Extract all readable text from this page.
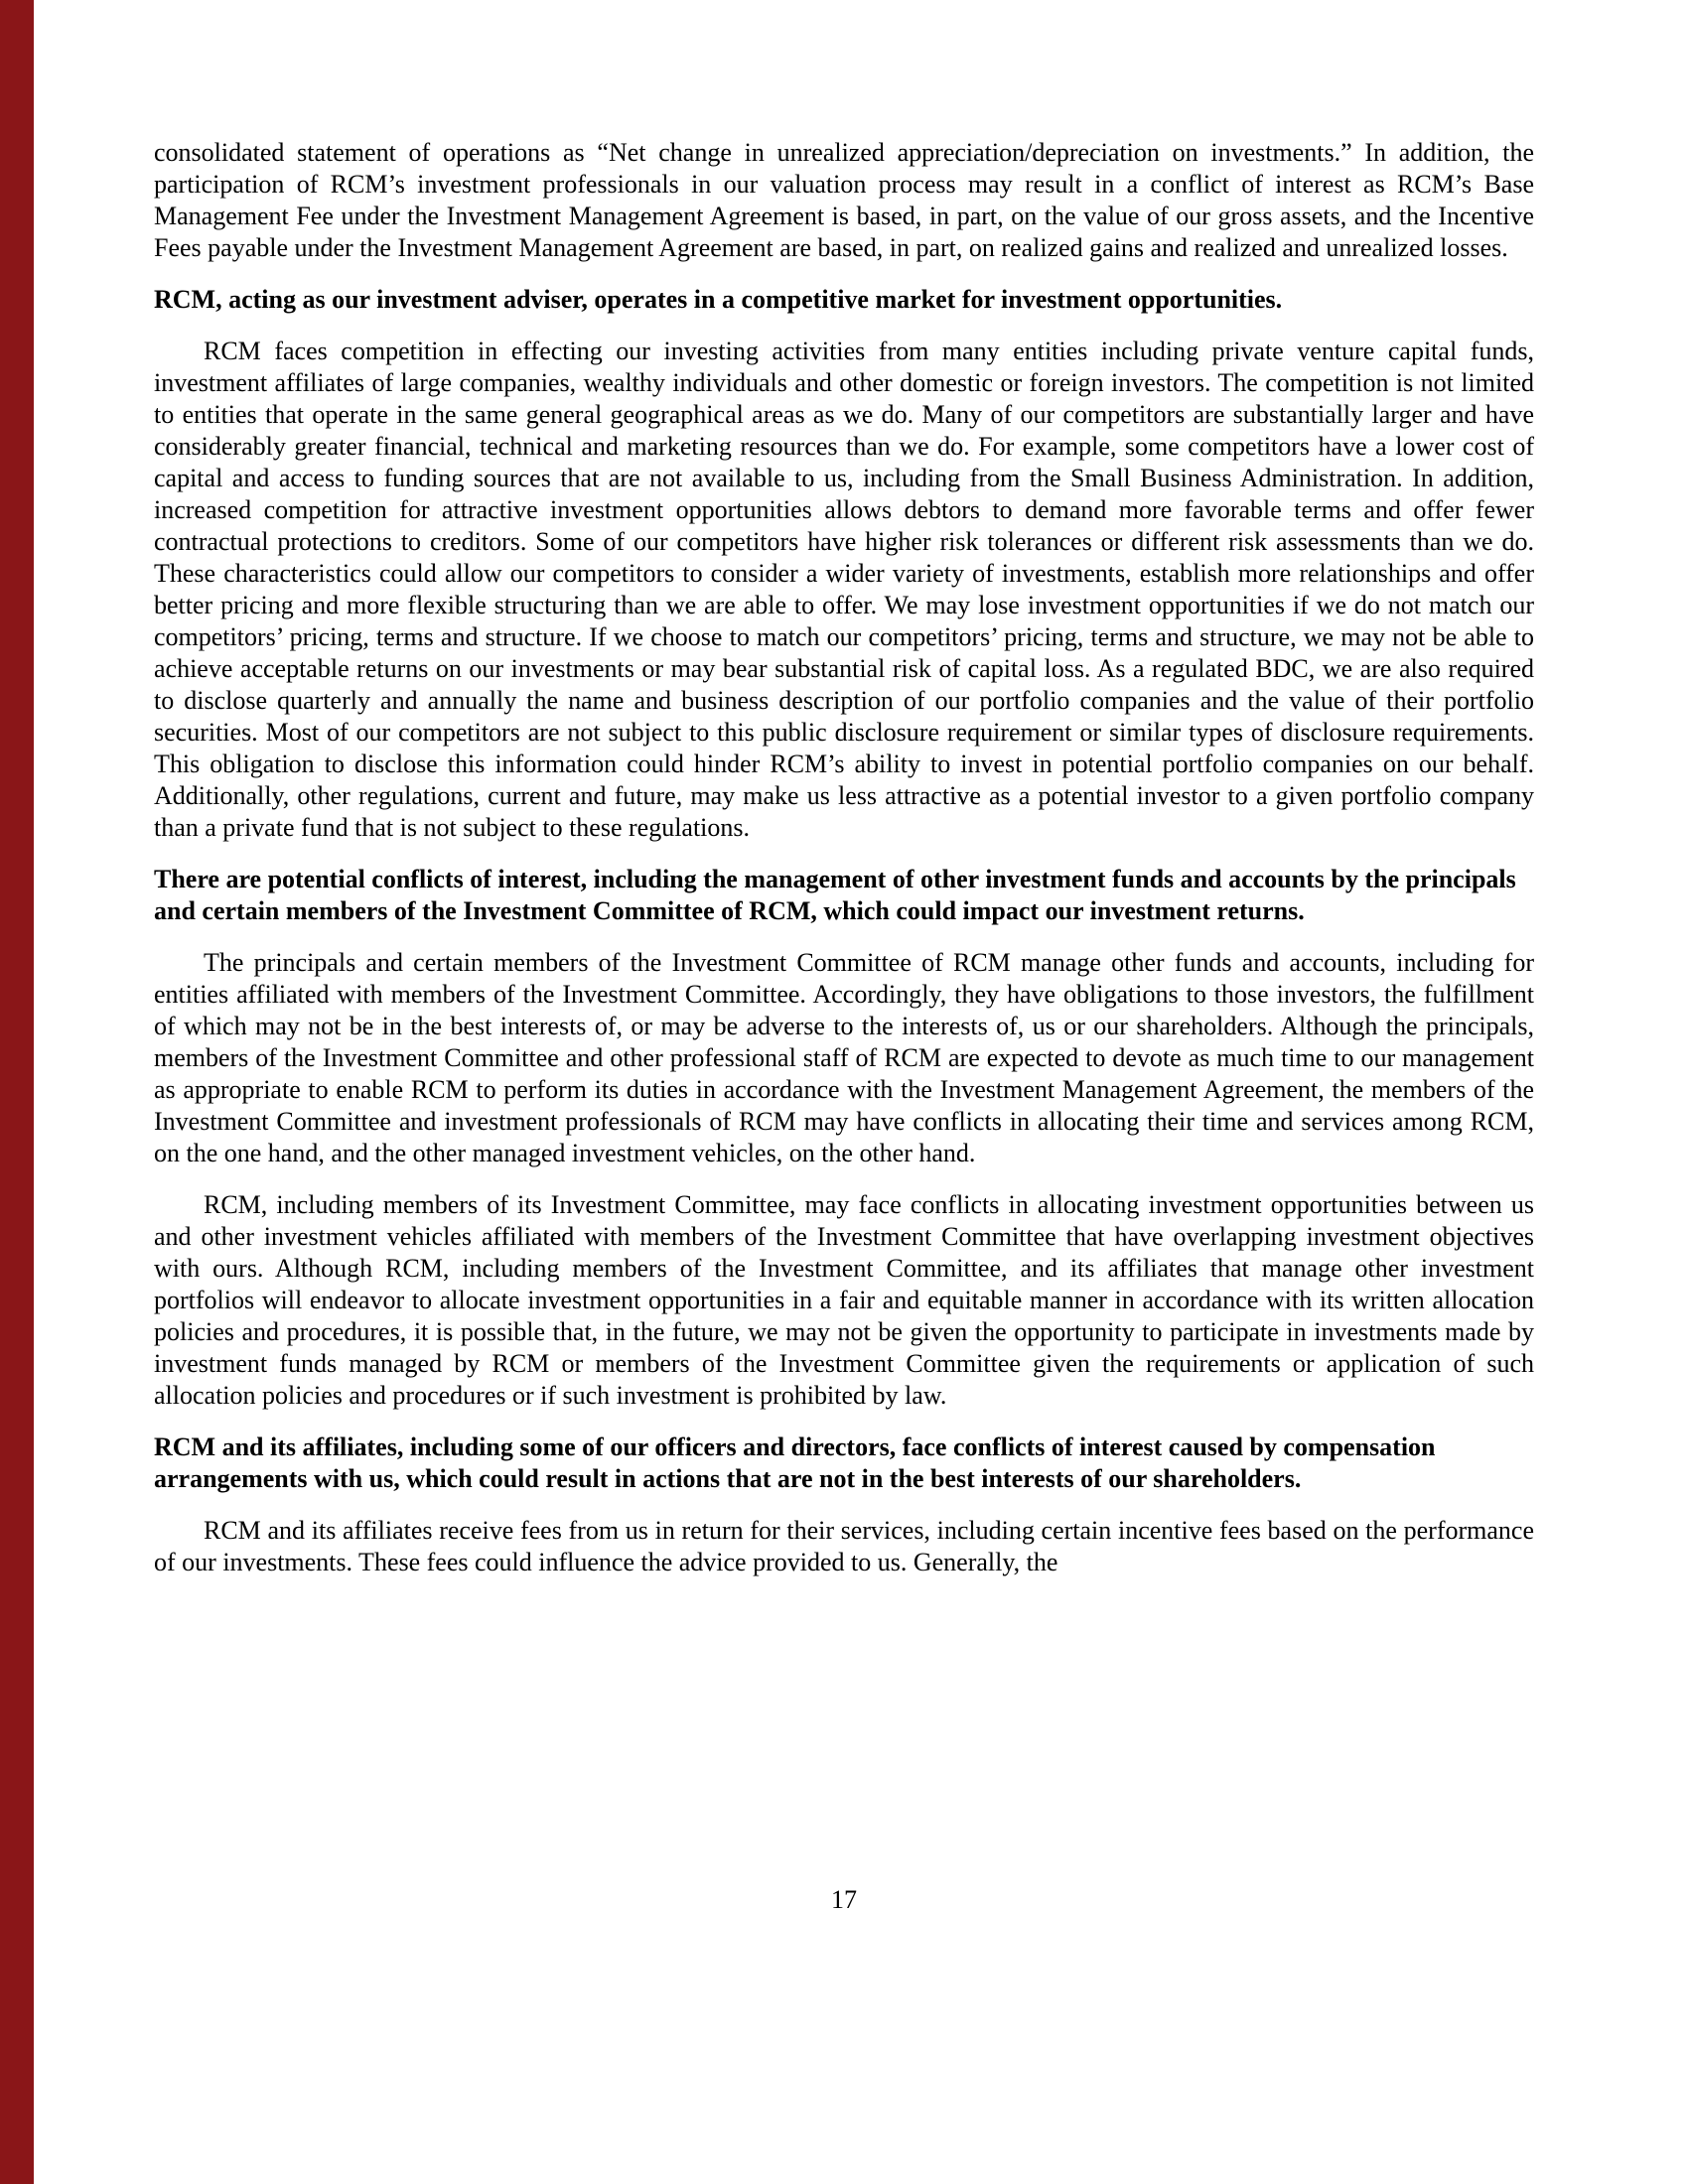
consolidated statement of operations as “Net change in unrealized appreciation/depreciation on investments.” In addition, the participation of RCM’s investment professionals in our valuation process may result in a conflict of interest as RCM’s Base Management Fee under the Investment Management Agreement is based, in part, on the value of our gross assets, and the Incentive Fees payable under the Investment Management Agreement are based, in part, on realized gains and realized and unrealized losses.

RCM, acting as our investment adviser, operates in a competitive market for investment opportunities.

RCM faces competition in effecting our investing activities from many entities including private venture capital funds, investment affiliates of large companies, wealthy individuals and other domestic or foreign investors. The competition is not limited to entities that operate in the same general geographical areas as we do. Many of our competitors are substantially larger and have considerably greater financial, technical and marketing resources than we do. For example, some competitors have a lower cost of capital and access to funding sources that are not available to us, including from the Small Business Administration. In addition, increased competition for attractive investment opportunities allows debtors to demand more favorable terms and offer fewer contractual protections to creditors. Some of our competitors have higher risk tolerances or different risk assessments than we do. These characteristics could allow our competitors to consider a wider variety of investments, establish more relationships and offer better pricing and more flexible structuring than we are able to offer. We may lose investment opportunities if we do not match our competitors’ pricing, terms and structure. If we choose to match our competitors’ pricing, terms and structure, we may not be able to achieve acceptable returns on our investments or may bear substantial risk of capital loss. As a regulated BDC, we are also required to disclose quarterly and annually the name and business description of our portfolio companies and the value of their portfolio securities. Most of our competitors are not subject to this public disclosure requirement or similar types of disclosure requirements. This obligation to disclose this information could hinder RCM’s ability to invest in potential portfolio companies on our behalf. Additionally, other regulations, current and future, may make us less attractive as a potential investor to a given portfolio company than a private fund that is not subject to these regulations.

There are potential conflicts of interest, including the management of other investment funds and accounts by the principals and certain members of the Investment Committee of RCM, which could impact our investment returns.

The principals and certain members of the Investment Committee of RCM manage other funds and accounts, including for entities affiliated with members of the Investment Committee. Accordingly, they have obligations to those investors, the fulfillment of which may not be in the best interests of, or may be adverse to the interests of, us or our shareholders. Although the principals, members of the Investment Committee and other professional staff of RCM are expected to devote as much time to our management as appropriate to enable RCM to perform its duties in accordance with the Investment Management Agreement, the members of the Investment Committee and investment professionals of RCM may have conflicts in allocating their time and services among RCM, on the one hand, and the other managed investment vehicles, on the other hand.

RCM, including members of its Investment Committee, may face conflicts in allocating investment opportunities between us and other investment vehicles affiliated with members of the Investment Committee that have overlapping investment objectives with ours. Although RCM, including members of the Investment Committee, and its affiliates that manage other investment portfolios will endeavor to allocate investment opportunities in a fair and equitable manner in accordance with its written allocation policies and procedures, it is possible that, in the future, we may not be given the opportunity to participate in investments made by investment funds managed by RCM or members of the Investment Committee given the requirements or application of such allocation policies and procedures or if such investment is prohibited by law.

RCM and its affiliates, including some of our officers and directors, face conflicts of interest caused by compensation arrangements with us, which could result in actions that are not in the best interests of our shareholders.

RCM and its affiliates receive fees from us in return for their services, including certain incentive fees based on the performance of our investments. These fees could influence the advice provided to us. Generally, the

17
